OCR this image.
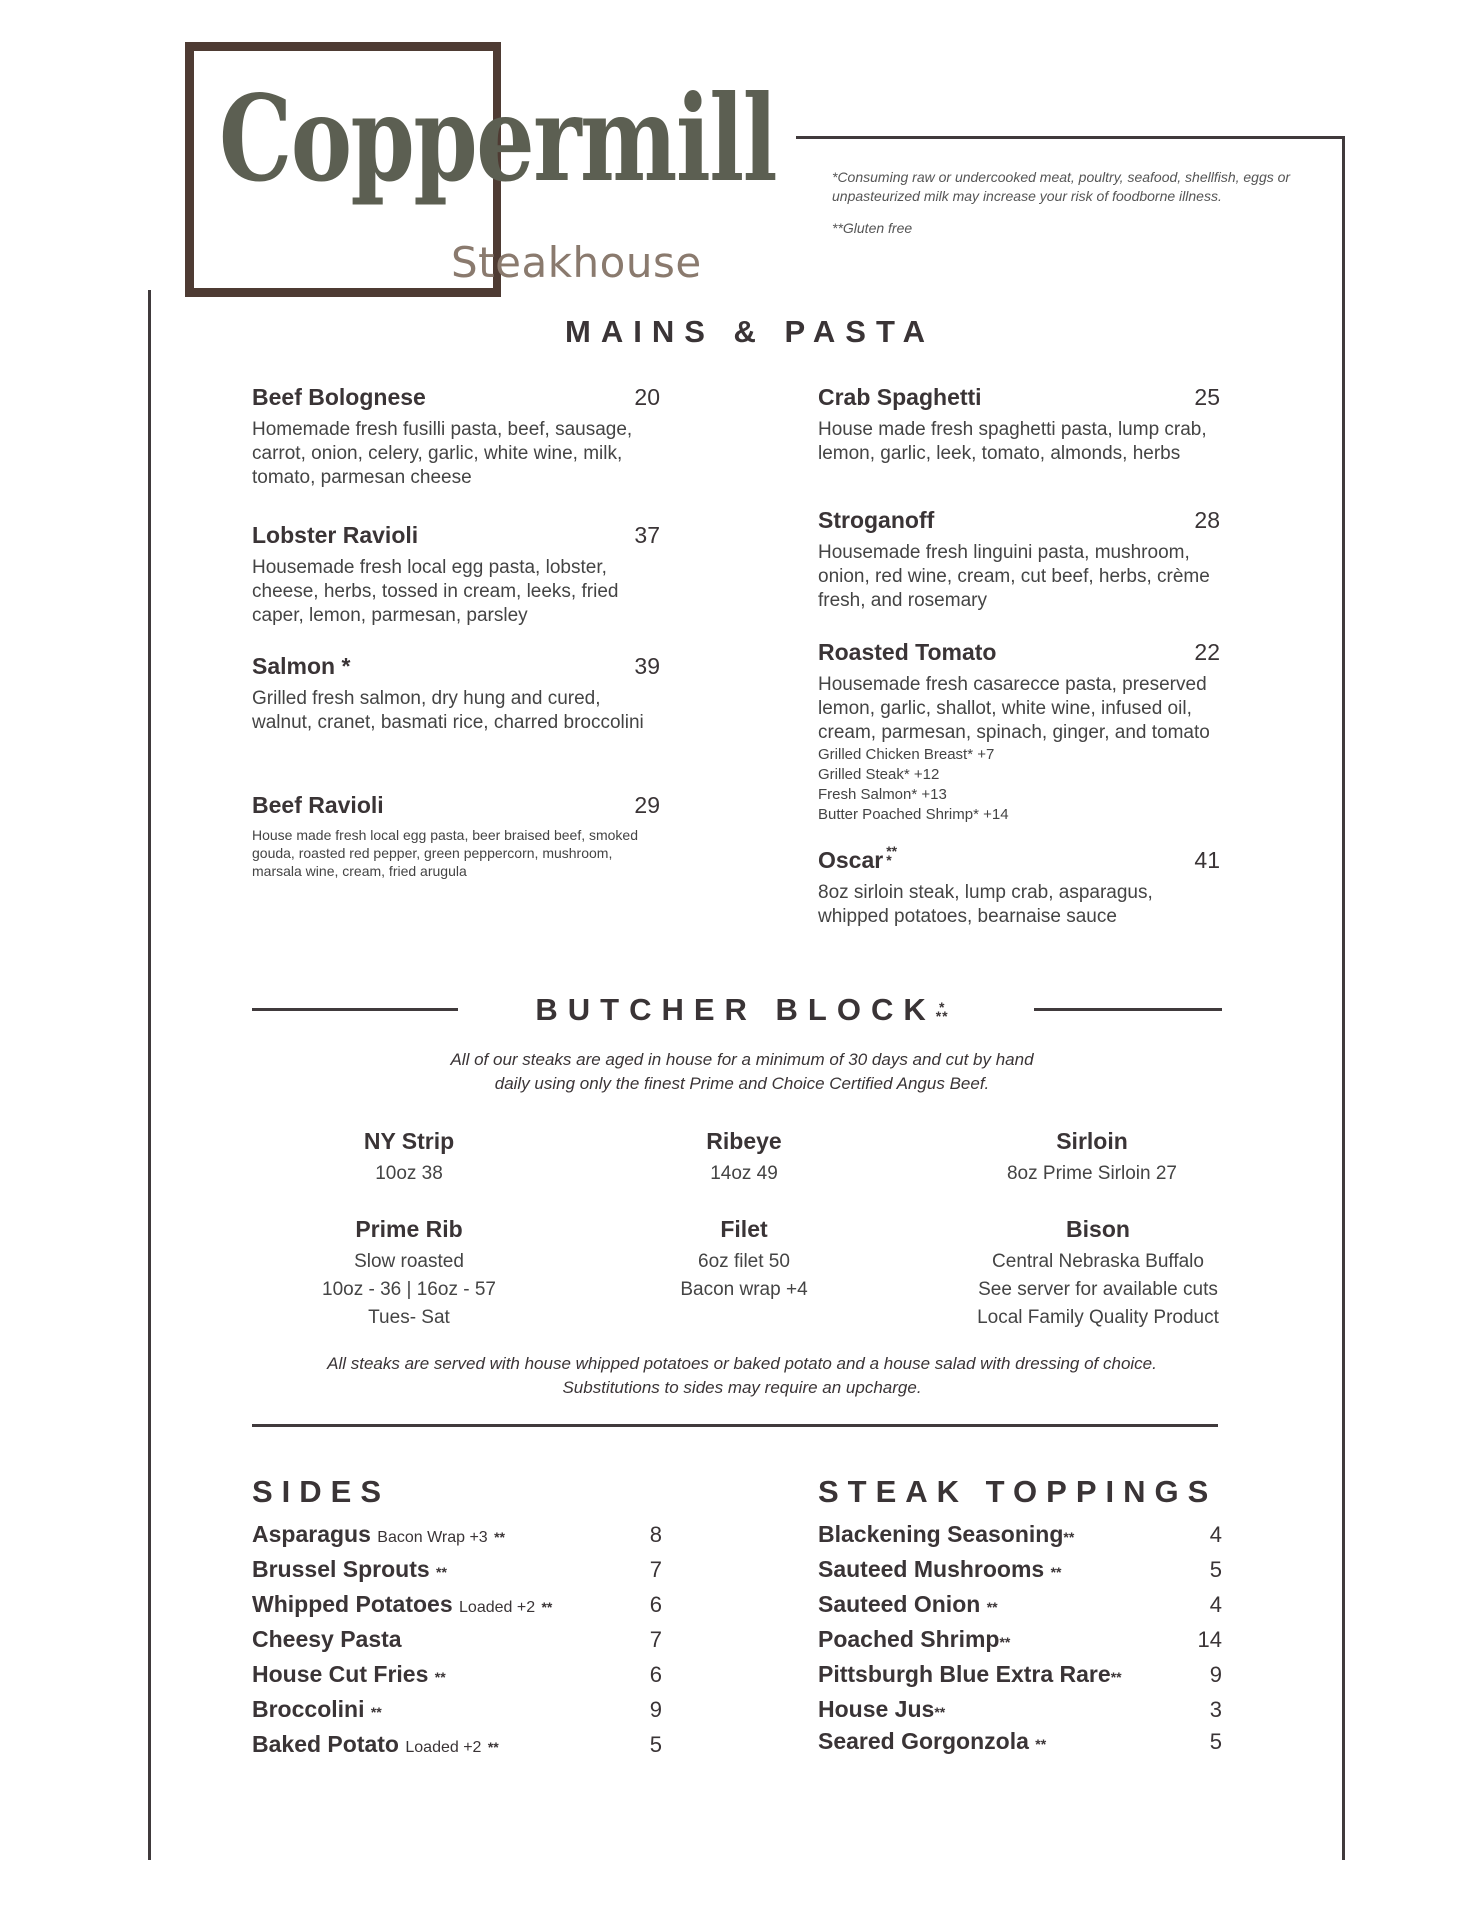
Coppermill
Steakhouse

*Consuming raw or undercooked meat, poultry, seafood, shellfish, eggs or unpasteurized milk may increase your risk of foodborne illness.

**Gluten free

MAINS & PASTA
Beef Bolognese	20
Homemade fresh fusilli pasta, beef, sausage, carrot, onion, celery, garlic, white wine, milk, tomato, parmesan cheese
Lobster Ravioli	37
Housemade fresh local egg pasta, lobster, cheese, herbs, tossed in cream, leeks, fried caper, lemon, parmesan, parsley
Salmon *	39
Grilled fresh salmon, dry hung and cured, walnut, cranet, basmati rice, charred broccolini
Beef Ravioli	29
House made fresh local egg pasta, beer braised beef, smoked gouda, roasted red pepper, green peppercorn, mushroom, marsala wine, cream, fried arugula
Crab Spaghetti	25
House made fresh spaghetti pasta, lump crab, lemon, garlic, leek, tomato, almonds, herbs
Stroganoff	28
Housemade fresh linguini pasta, mushroom, onion, red wine, cream, cut beef, herbs, crème fresh, and rosemary
Roasted Tomato	22
Housemade fresh casarecce pasta, preserved lemon, garlic, shallot, white wine, infused oil, cream, parmesan, spinach, ginger, and tomato
Grilled Chicken Breast* +7
Grilled Steak* +12
Fresh Salmon* +13
Butter Poached Shrimp* +14
Oscar **
*	41
8oz sirloin steak, lump crab, asparagus, whipped potatoes, bearnaise sauce
BUTCHER BLOCK *
**
All of our steaks are aged in house for a minimum of 30 days and cut by hand
daily using only the finest Prime and Choice Certified Angus Beef.
NY Strip
10oz 38
Ribeye
14oz 49
Sirloin
8oz Prime Sirloin 27
Prime Rib
Slow roasted
10oz - 36 | 16oz - 57
Tues- Sat
Filet
6oz filet 50
Bacon wrap +4
Bison
Central Nebraska Buffalo
See server for available cuts
Local Family Quality Product
All steaks are served with house whipped potatoes or baked potato and a house salad with dressing of choice.
Substitutions to sides may require an upcharge.
SIDES
Asparagus Bacon Wrap +3 **	8
Brussel Sprouts **	7
Whipped Potatoes Loaded +2 **	6
Cheesy Pasta	7
House Cut Fries **	6
Broccolini **	9
Baked Potato Loaded +2 **	5
STEAK TOPPINGS
Blackening Seasoning**	4
Sauteed Mushrooms **	5
Sauteed Onion **	4
Poached Shrimp**	14
Pittsburgh Blue Extra Rare**	9
House Jus**	3
Seared Gorgonzola **	5
